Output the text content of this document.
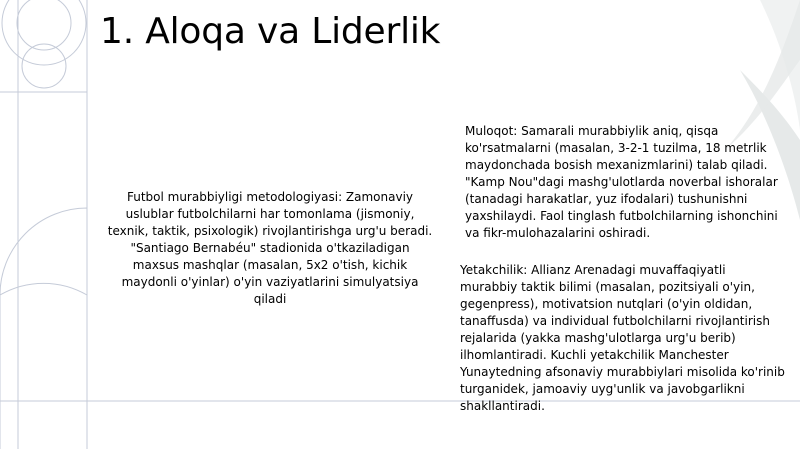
1. Aloqa va Liderlik
Futbol murabbiyligi metodologiyasi: Zamonaviy uslublar futbolchilarni har tomonlama (jismoniy, texnik, taktik, psixologik) rivojlantirishga urg'u beradi. "Santiago Bernabéu" stadionida o'tkaziladigan maxsus mashqlar (masalan, 5x2 o'tish, kichik maydonli o'yinlar) o'yin vaziyatlarini simulyatsiya qiladi
Muloqot: Samarali murabbiylik aniq, qisqa ko'rsatmalarni (masalan, 3-2-1 tuzilma, 18 metrlik maydonchada bosish mexanizmlarini) talab qiladi. "Kamp Nou"dagi mashg'ulotlarda noverbal ishoralar (tanadagi harakatlar, yuz ifodalari) tushunishni yaxshilaydi. Faol tinglash futbolchilarning ishonchini va fikr-mulohazalarini oshiradi.
Yetakchilik: Allianz Arenadagi muvaffaqiyatli murabbiy taktik bilimi (masalan, pozitsiyali o'yin, gegenpress), motivatsion nutqlari (o'yin oldidan, tanaffusda) va individual futbolchilarni rivojlantirish rejalarida (yakka mashg'ulotlarga urg'u berib) ilhomlantiradi. Kuchli yetakchilik Manchester Yunaytedning afsonaviy murabbiylari misolida ko'rinib turganidek, jamoaviy uyg'unlik va javobgarlikni shakllantiradi.
